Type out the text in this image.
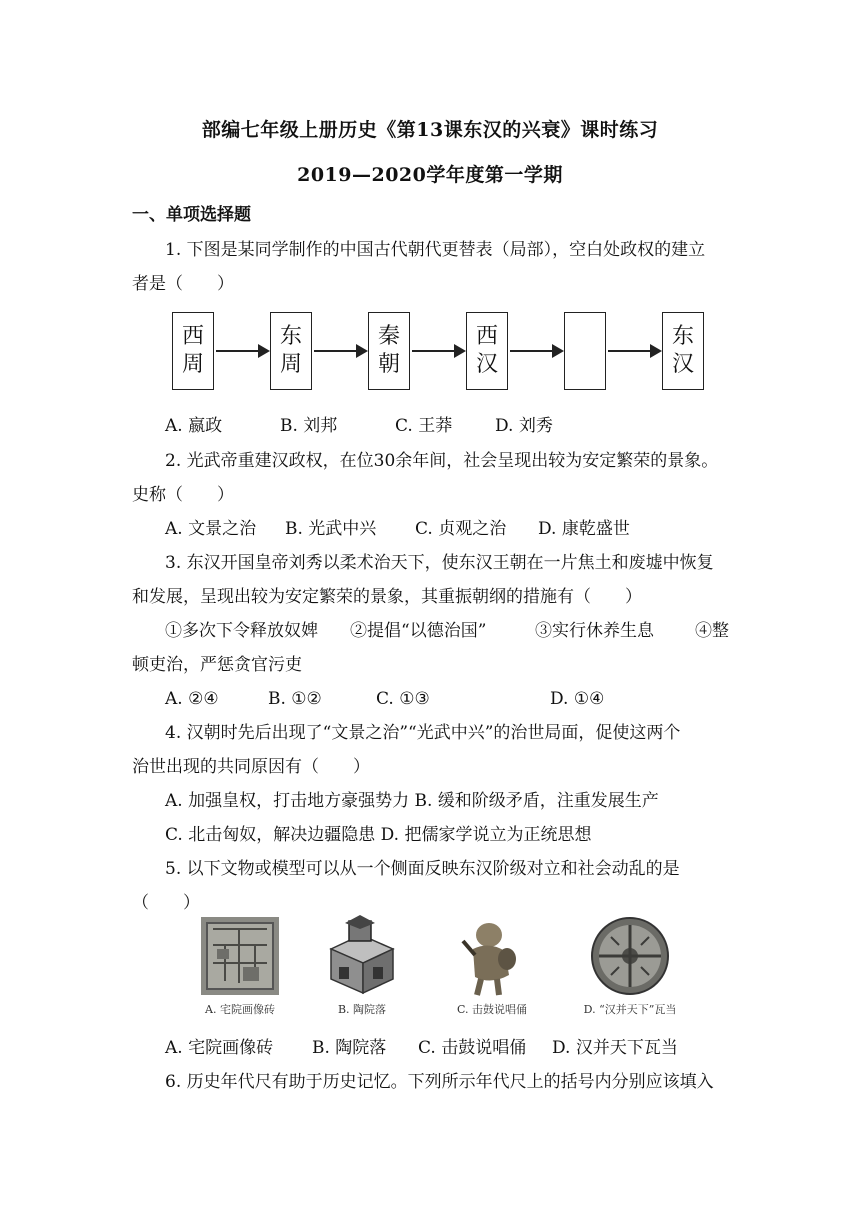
部编七年级上册历史《第13课东汉的兴衰》课时练习
2019—2020学年度第一学期
一、单项选择题
1. 下图是某同学制作的中国古代朝代更替表（局部），空白处政权的建立
者是（　　）
西
周
东
周
秦
朝
西
汉
东
汉
A. 嬴政	B. 刘邦	C. 王莽	D. 刘秀
2. 光武帝重建汉政权，在位30余年间，社会呈现出较为安定繁荣的景象。
史称（　　）
A. 文景之治 B. 光武中兴 C. 贞观之治 D. 康乾盛世
3. 东汉开国皇帝刘秀以柔术治天下，使东汉王朝在一片焦土和废墟中恢复
和发展，呈现出较为安定繁荣的景象，其重振朝纲的措施有（　　）
①多次下令释放奴婢 ②提倡“以德治国”	③实行休养生息 ④整
顿吏治，严惩贪官污吏
A. ②④	B. ①②	C. ①③	D. ①④
4. 汉朝时先后出现了“文景之治”“光武中兴”的治世局面，促使这两个
治世出现的共同原因有（　　）
A. 加强皇权，打击地方豪强势力 B. 缓和阶级矛盾，注重发展生产
C. 北击匈奴，解决边疆隐患 D. 把儒家学说立为正统思想
5. 以下文物或模型可以从一个侧面反映东汉阶级对立和社会动乱的是
（　　）
A. 宅院画像砖	B. 陶院落	C. 击鼓说唱俑	D. “汉并天下”瓦当
A. 宅院画像砖 B. 陶院落 C. 击鼓说唱俑 D. 汉并天下瓦当
6. 历史年代尺有助于历史记忆。下列所示年代尺上的括号内分别应该填入
